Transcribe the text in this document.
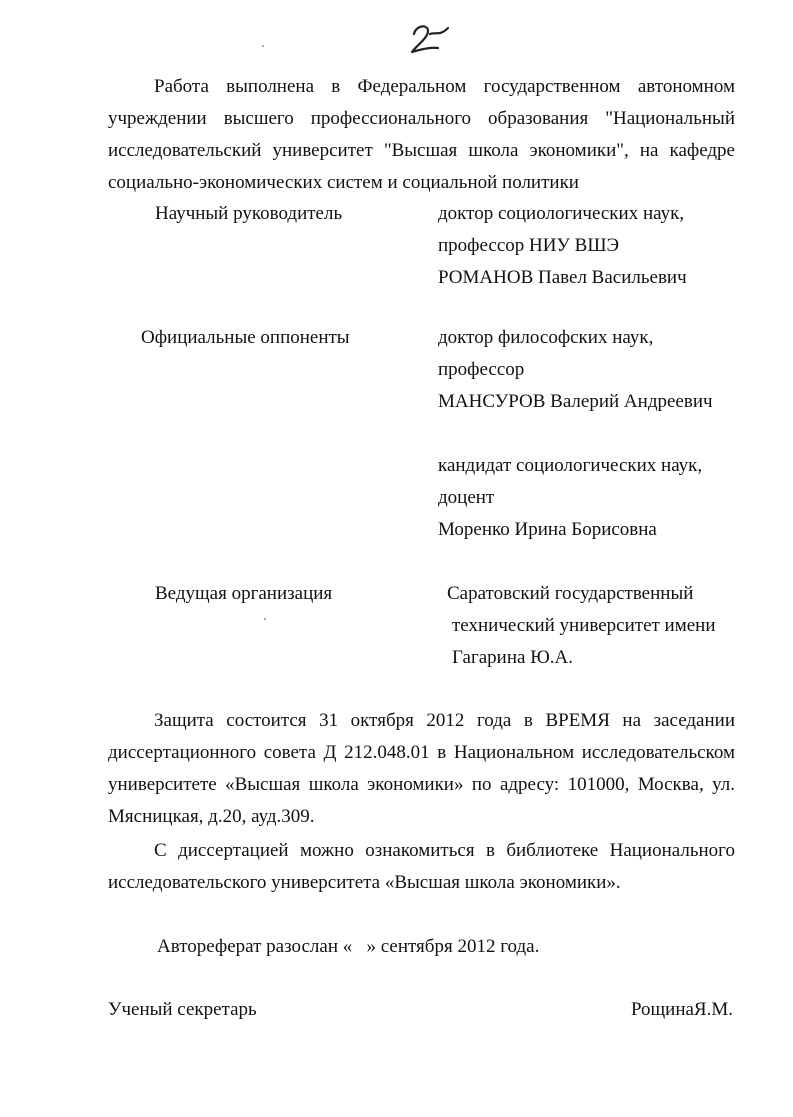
Работа выполнена в Федеральном государственном автономном
учреждении высшего профессионального образования "Национальный
исследовательский университет "Высшая школа экономики", на кафедре
социально-экономических систем и социальной политики
Научный руководитель	доктор социологических наук,
профессор НИУ ВШЭ
РОМАНОВ Павел Васильевич
Официальные оппоненты	доктор философских наук,
профессор
МАНСУРОВ Валерий Андреевич
кандидат социологических наук,
доцент
Моренко Ирина Борисовна
Ведущая организация	Саратовский государственный
технический университет имени
Гагарина Ю.А.
Защита состоится 31 октября 2012 года в ВРЕМЯ на заседании
диссертационного совета Д 212.048.01 в Национальном исследовательском
университете «Высшая школа экономики» по адресу: 101000, Москва, ул.
Мясницкая, д.20, ауд.309.
С диссертацией можно ознакомиться в библиотеке Национального
исследовательского университета «Высшая школа экономики».
Автореферат разослан «   » сентября 2012 года.
Ученый секретарь	РощинаЯ.М.
